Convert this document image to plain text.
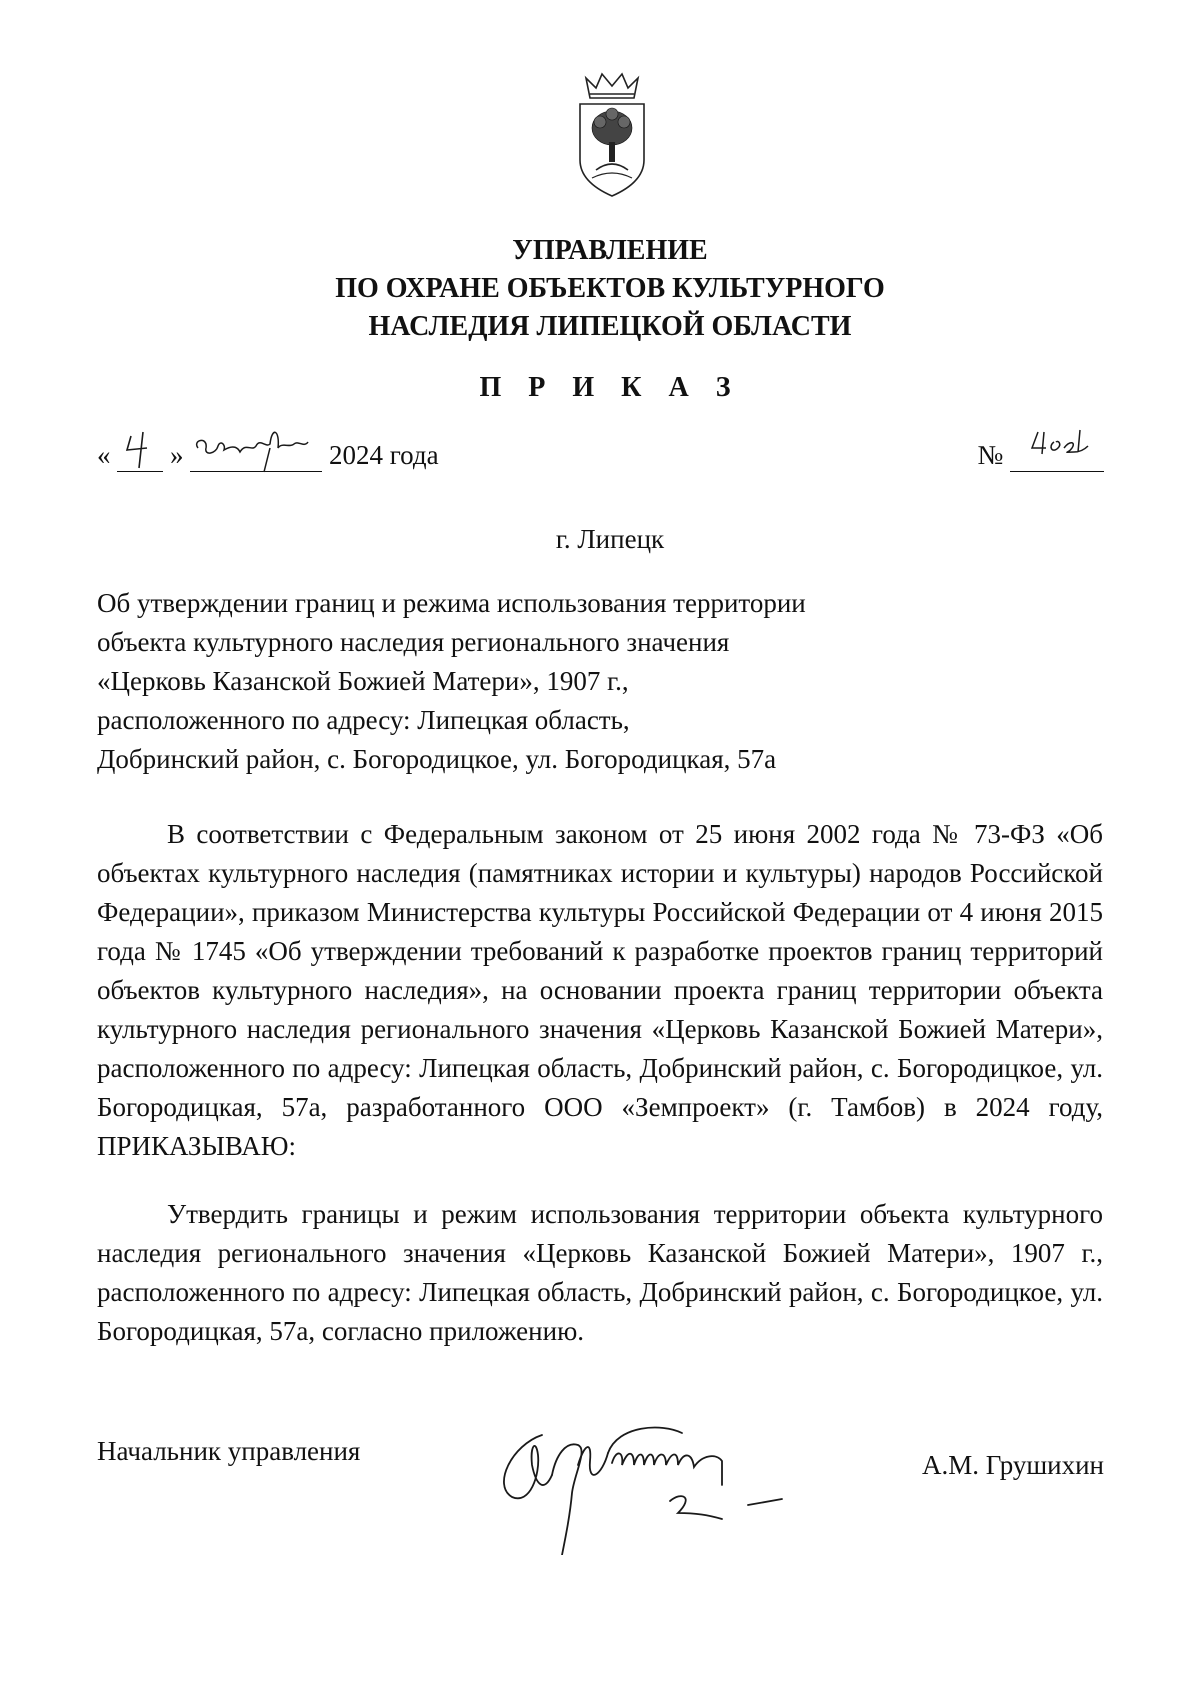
УПРАВЛЕНИЕ
ПО ОХРАНЕ ОБЪЕКТОВ КУЛЬТУРНОГО
НАСЛЕДИЯ ЛИПЕЦКОЙ ОБЛАСТИ
П Р И К А З
« »	2024 года	№
г. Липецк
Об утверждении границ и режима использования территории
объекта культурного наследия регионального значения
«Церковь Казанской Божией Матери», 1907 г.,
расположенного по адресу: Липецкая область,
Добринский район, с. Богородицкое, ул. Богородицкая, 57а
В соответствии с Федеральным законом от 25 июня 2002 года № 73-ФЗ «Об объектах культурного наследия (памятниках истории и культуры) народов Российской Федерации», приказом Министерства культуры Российской Федерации от 4 июня 2015 года № 1745 «Об утверждении требований к разработке проектов границ территорий объектов культурного наследия», на основании проекта границ территории объекта культурного наследия регионального значения «Церковь Казанской Божией Матери», расположенного по адресу: Липецкая область, Добринский район, с. Богородицкое, ул. Богородицкая, 57а, разработанного ООО «Земпроект» (г. Тамбов) в 2024 году, ПРИКАЗЫВАЮ:
Утвердить границы и режим использования территории объекта культурного наследия регионального значения «Церковь Казанской Божией Матери», 1907 г., расположенного по адресу: Липецкая область, Добринский район, с. Богородицкое, ул. Богородицкая, 57а, согласно приложению.
Начальник управления	А.М. Грушихин
